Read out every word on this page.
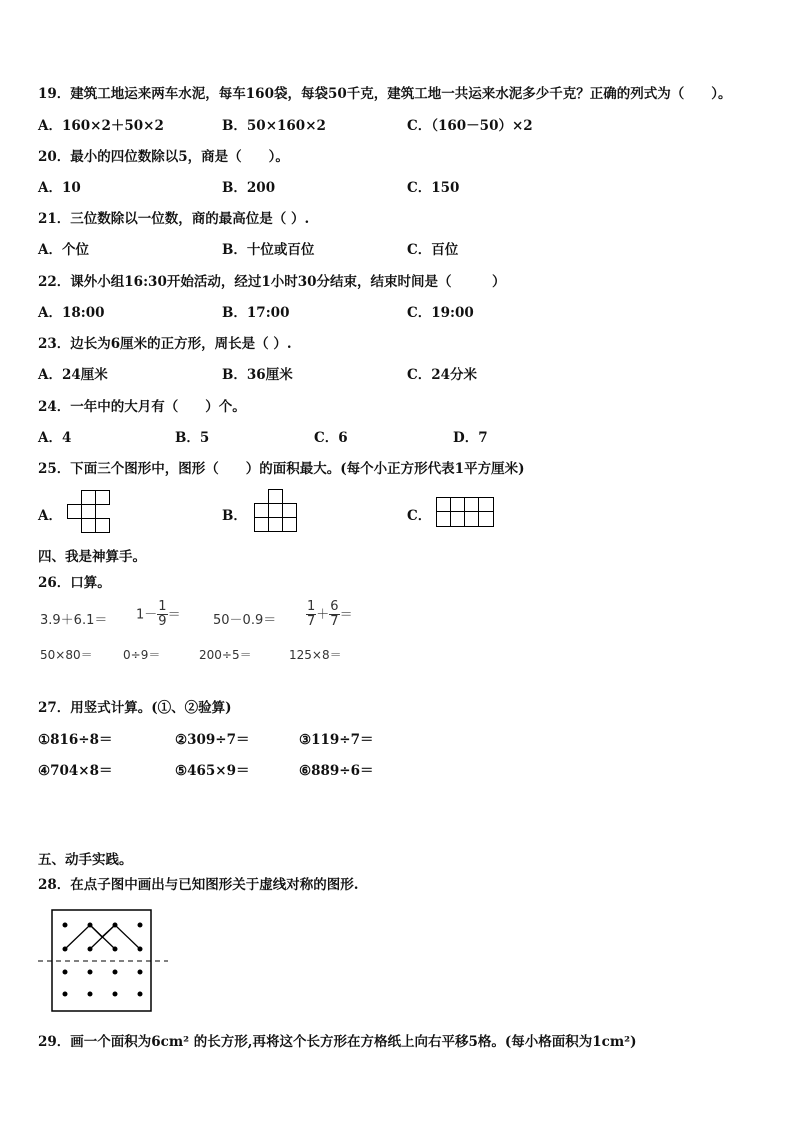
19．建筑工地运来两车水泥，每车160袋，每袋50千克，建筑工地一共运来水泥多少千克？正确的列式为（　　）。
A．160×2＋50×2	B．50×160×2	C．（160－50）×2
20．最小的四位数除以5，商是（　　）。
A．10	B．200	C．150
21．三位数除以一位数，商的最高位是（ ）.
A．个位	B．十位或百位	C．百位
22．课外小组16:30开始活动，经过1小时30分结束，结束时间是（　　　）
A．18:00	B．17:00	C．19:00
23．边长为6厘米的正方形，周长是（ ）.
A．24厘米	B．36厘米	C．24分米
24．一年中的大月有（　　）个。
A．4	B．5	C．6	D．7
25．下面三个图形中，图形（　　）的面积最大。(每个小正方形代表1平方厘米)
A．	B．	C．
四、我是神算手。
26．口算。
$3.9+6.1= 1- \frac{1}{9} = 50-0.9= \frac{1}{7} + \frac{6}{7}$ ＝
50×80＝	0÷9＝	200÷5＝	125×8＝
27．用竖式计算。(①、②验算)
①816÷8＝	②309÷7＝	③119÷7＝
④704×8＝	⑤465×9＝	⑥889÷6＝
五、动手实践。
28．在点子图中画出与已知图形关于虚线对称的图形.
29．画一个面积为6cm² 的长方形,再将这个长方形在方格纸上向右平移5格。(每小格面积为1cm²)
